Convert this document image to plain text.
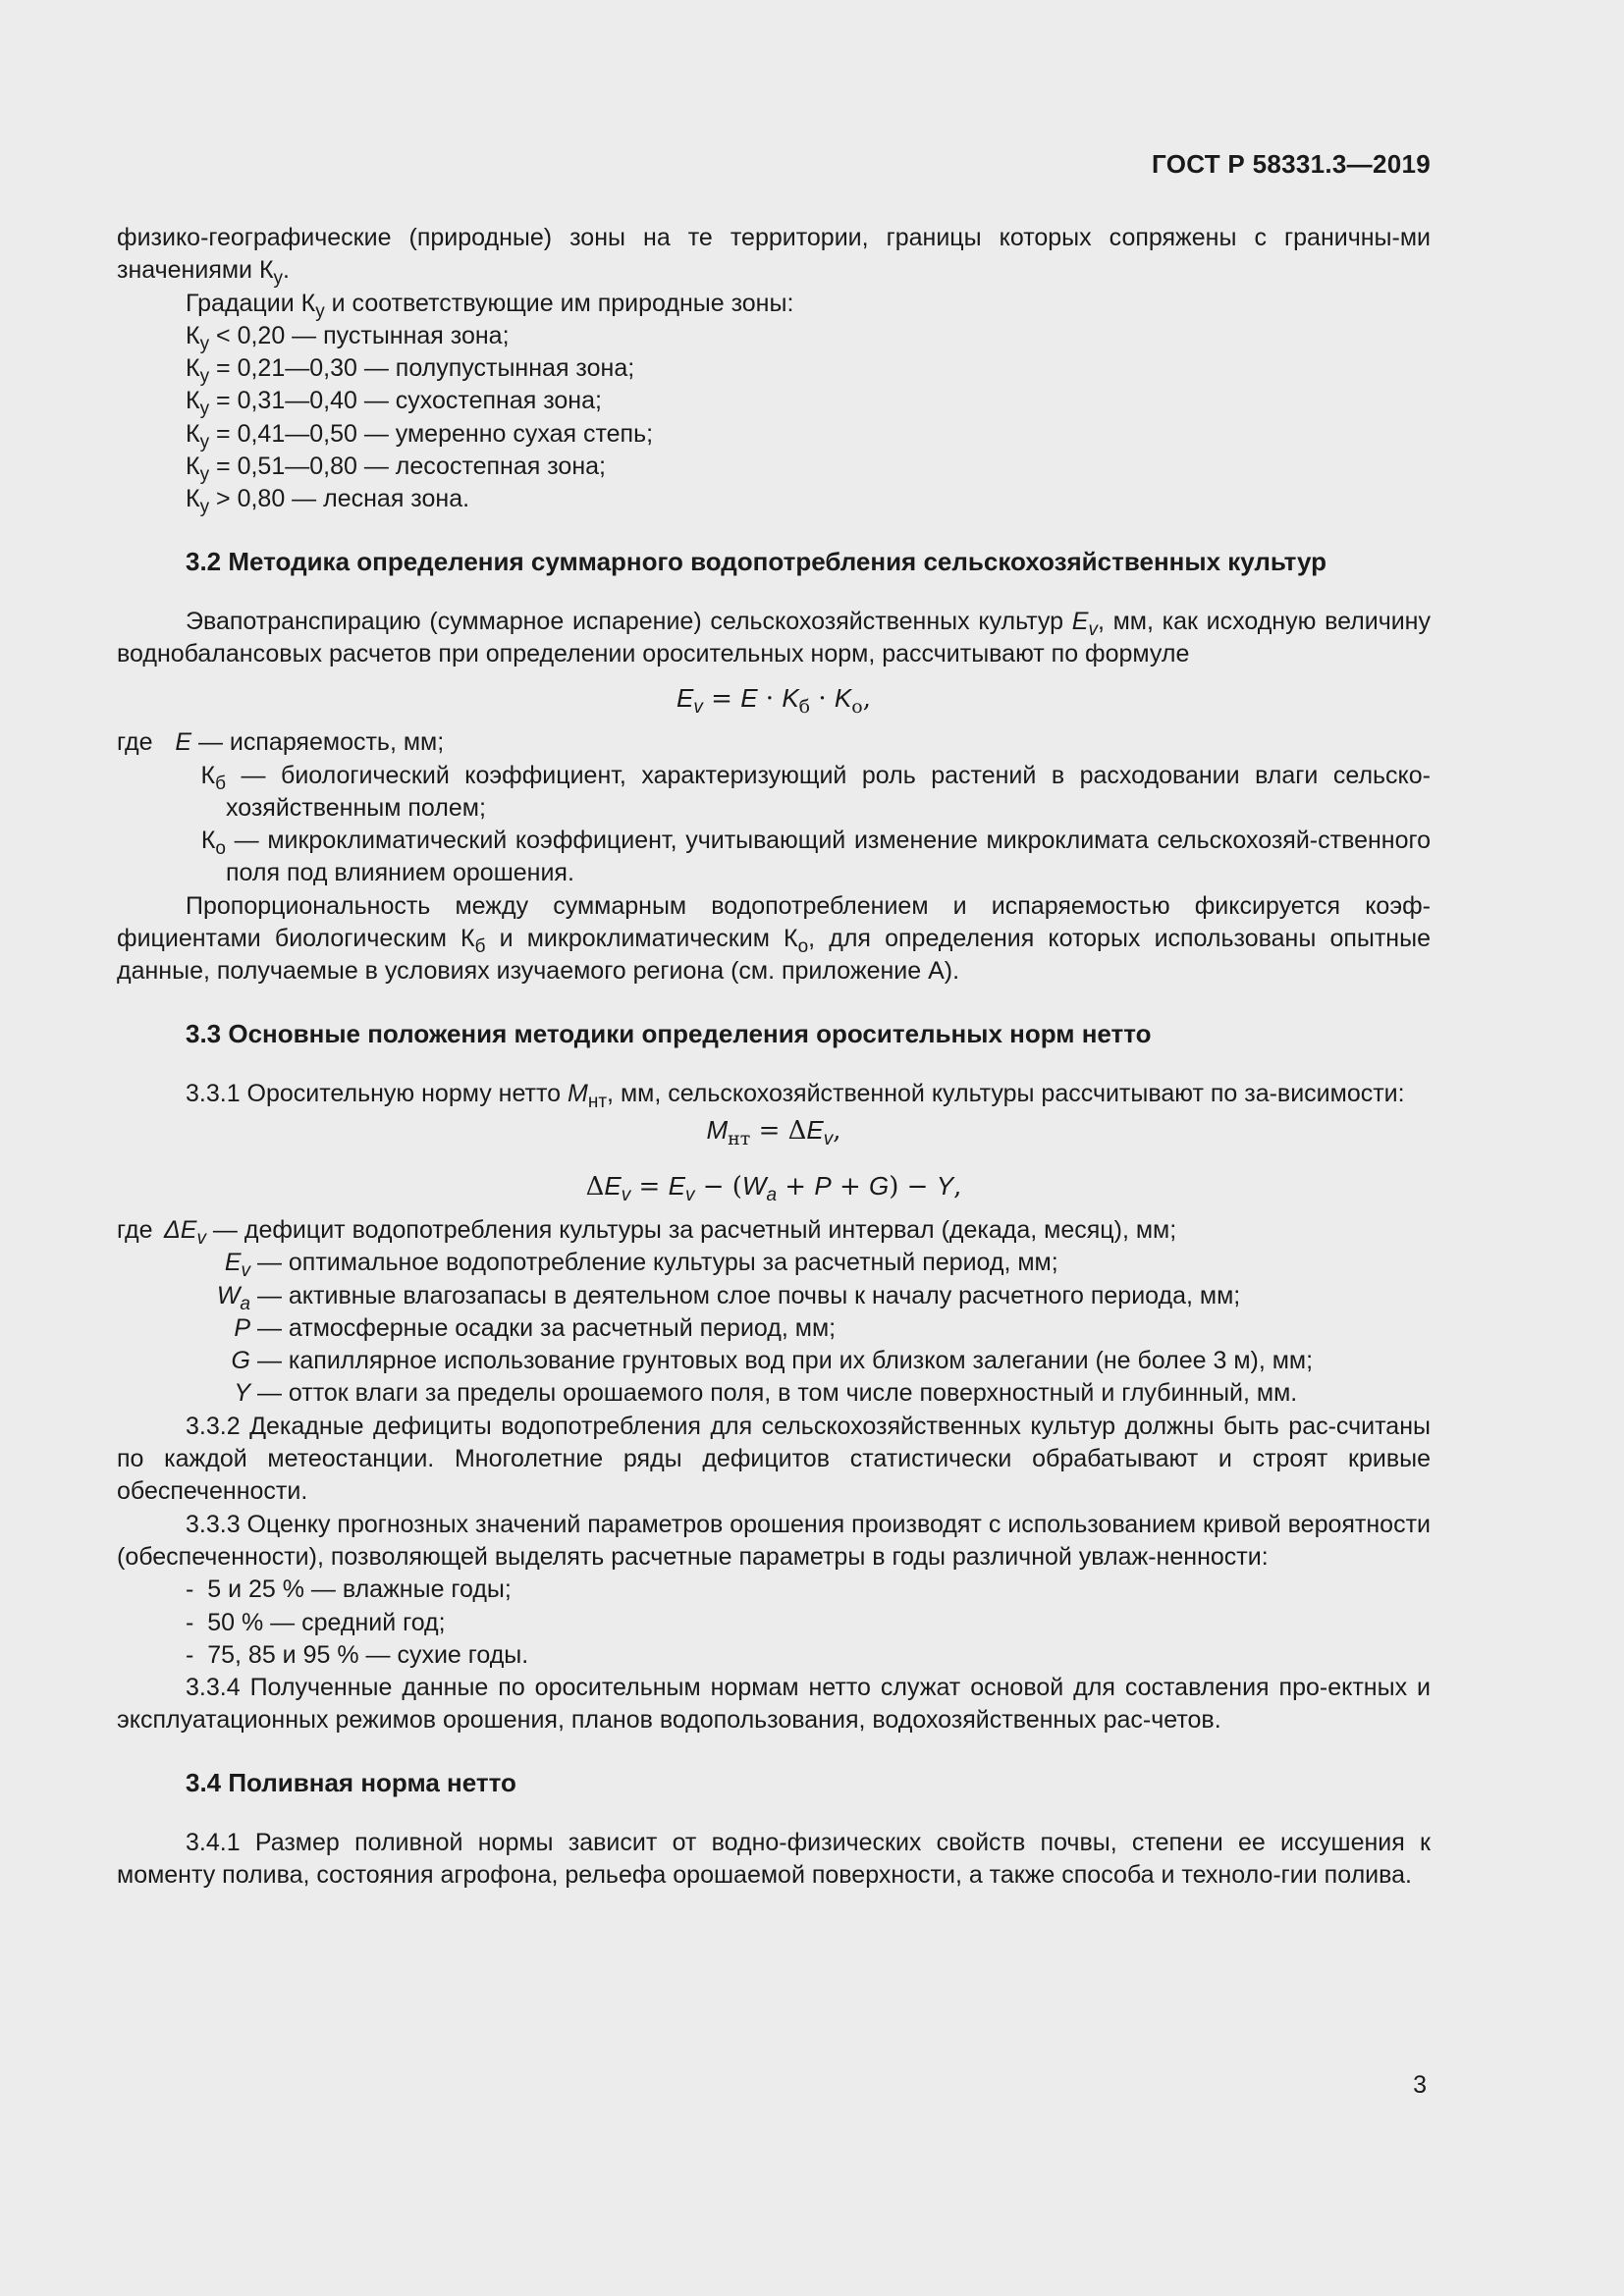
ГОСТ Р 58331.3—2019

физико-географические (природные) зоны на те территории, границы которых сопряжены с граничны-ми значениями $К_у$.

Градации $К_у$ и соответствующие им природные зоны:

$К_у < 0,20$ — пустынная зона;

$К_у$ = 0,21—0,30 — полупустынная зона;

$К_у$ = 0,31—0,40 — сухостепная зона;

$К_у$ = 0,41—0,50 — умеренно сухая степь;

$К_у$ = 0,51—0,80 — лесостепная зона;

$К_у > 0,80$ — лесная зона.

3.2 Методика определения суммарного водопотребления сельскохозяйственных культур

Эвапотранспирацию (суммарное испарение) сельскохозяйственных культур $E_v$, мм, как исходную величину воднобалансовых расчетов при определении оросительных норм, рассчитывают по формуле

$E_v = E \cdot K_б \cdot K_о$,
где E — испаряемость, мм;
$К_б$ — биологический коэффициент, характеризующий роль растений в расходовании влаги сельско-хозяйственным полем;
$К_о$ — микроклиматический коэффициент, учитывающий изменение микроклимата сельскохозяй-ственного поля под влиянием орошения.

Пропорциональность между суммарным водопотреблением и испаряемостью фиксируется коэф-фициентами биологическим $К_б$ и микроклиматическим $К_о$, для определения которых использованы опытные данные, получаемые в условиях изучаемого региона (см. приложение А).

3.3 Основные положения методики определения оросительных норм нетто

3.3.1 Оросительную норму нетто $M_{нт}$, мм, сельскохозяйственной культуры рассчитывают по за-висимости:

$M_{нт} = \Delta E_v$,
$\Delta E_v = E_v - (W_a + P + G) - Y$,
где $\Delta E_v$ — дефицит водопотребления культуры за расчетный интервал (декада, месяц), мм;
$E_v$ — оптимальное водопотребление культуры за расчетный период, мм;
$W_a$ — активные влагозапасы в деятельном слое почвы к началу расчетного периода, мм;
P — атмосферные осадки за расчетный период, мм;
G — капиллярное использование грунтовых вод при их близком залегании (не более 3 м), мм;
Y — отток влаги за пределы орошаемого поля, в том числе поверхностный и глубинный, мм.

3.3.2 Декадные дефициты водопотребления для сельскохозяйственных культур должны быть рас-считаны по каждой метеостанции. Многолетние ряды дефицитов статистически обрабатывают и строят кривые обеспеченности.

3.3.3 Оценку прогнозных значений параметров орошения производят с использованием кривой вероятности (обеспеченности), позволяющей выделять расчетные параметры в годы различной увлаж-ненности:

- 5 и 25 % — влажные годы;

- 50 % — средний год;

- 75, 85 и 95 % — сухие годы.

3.3.4 Полученные данные по оросительным нормам нетто служат основой для составления про-ектных и эксплуатационных режимов орошения, планов водопользования, водохозяйственных рас-четов.

3.4 Поливная норма нетто

3.4.1 Размер поливной нормы зависит от водно-физических свойств почвы, степени ее иссушения к моменту полива, состояния агрофона, рельефа орошаемой поверхности, а также способа и техноло-гии полива.

3
